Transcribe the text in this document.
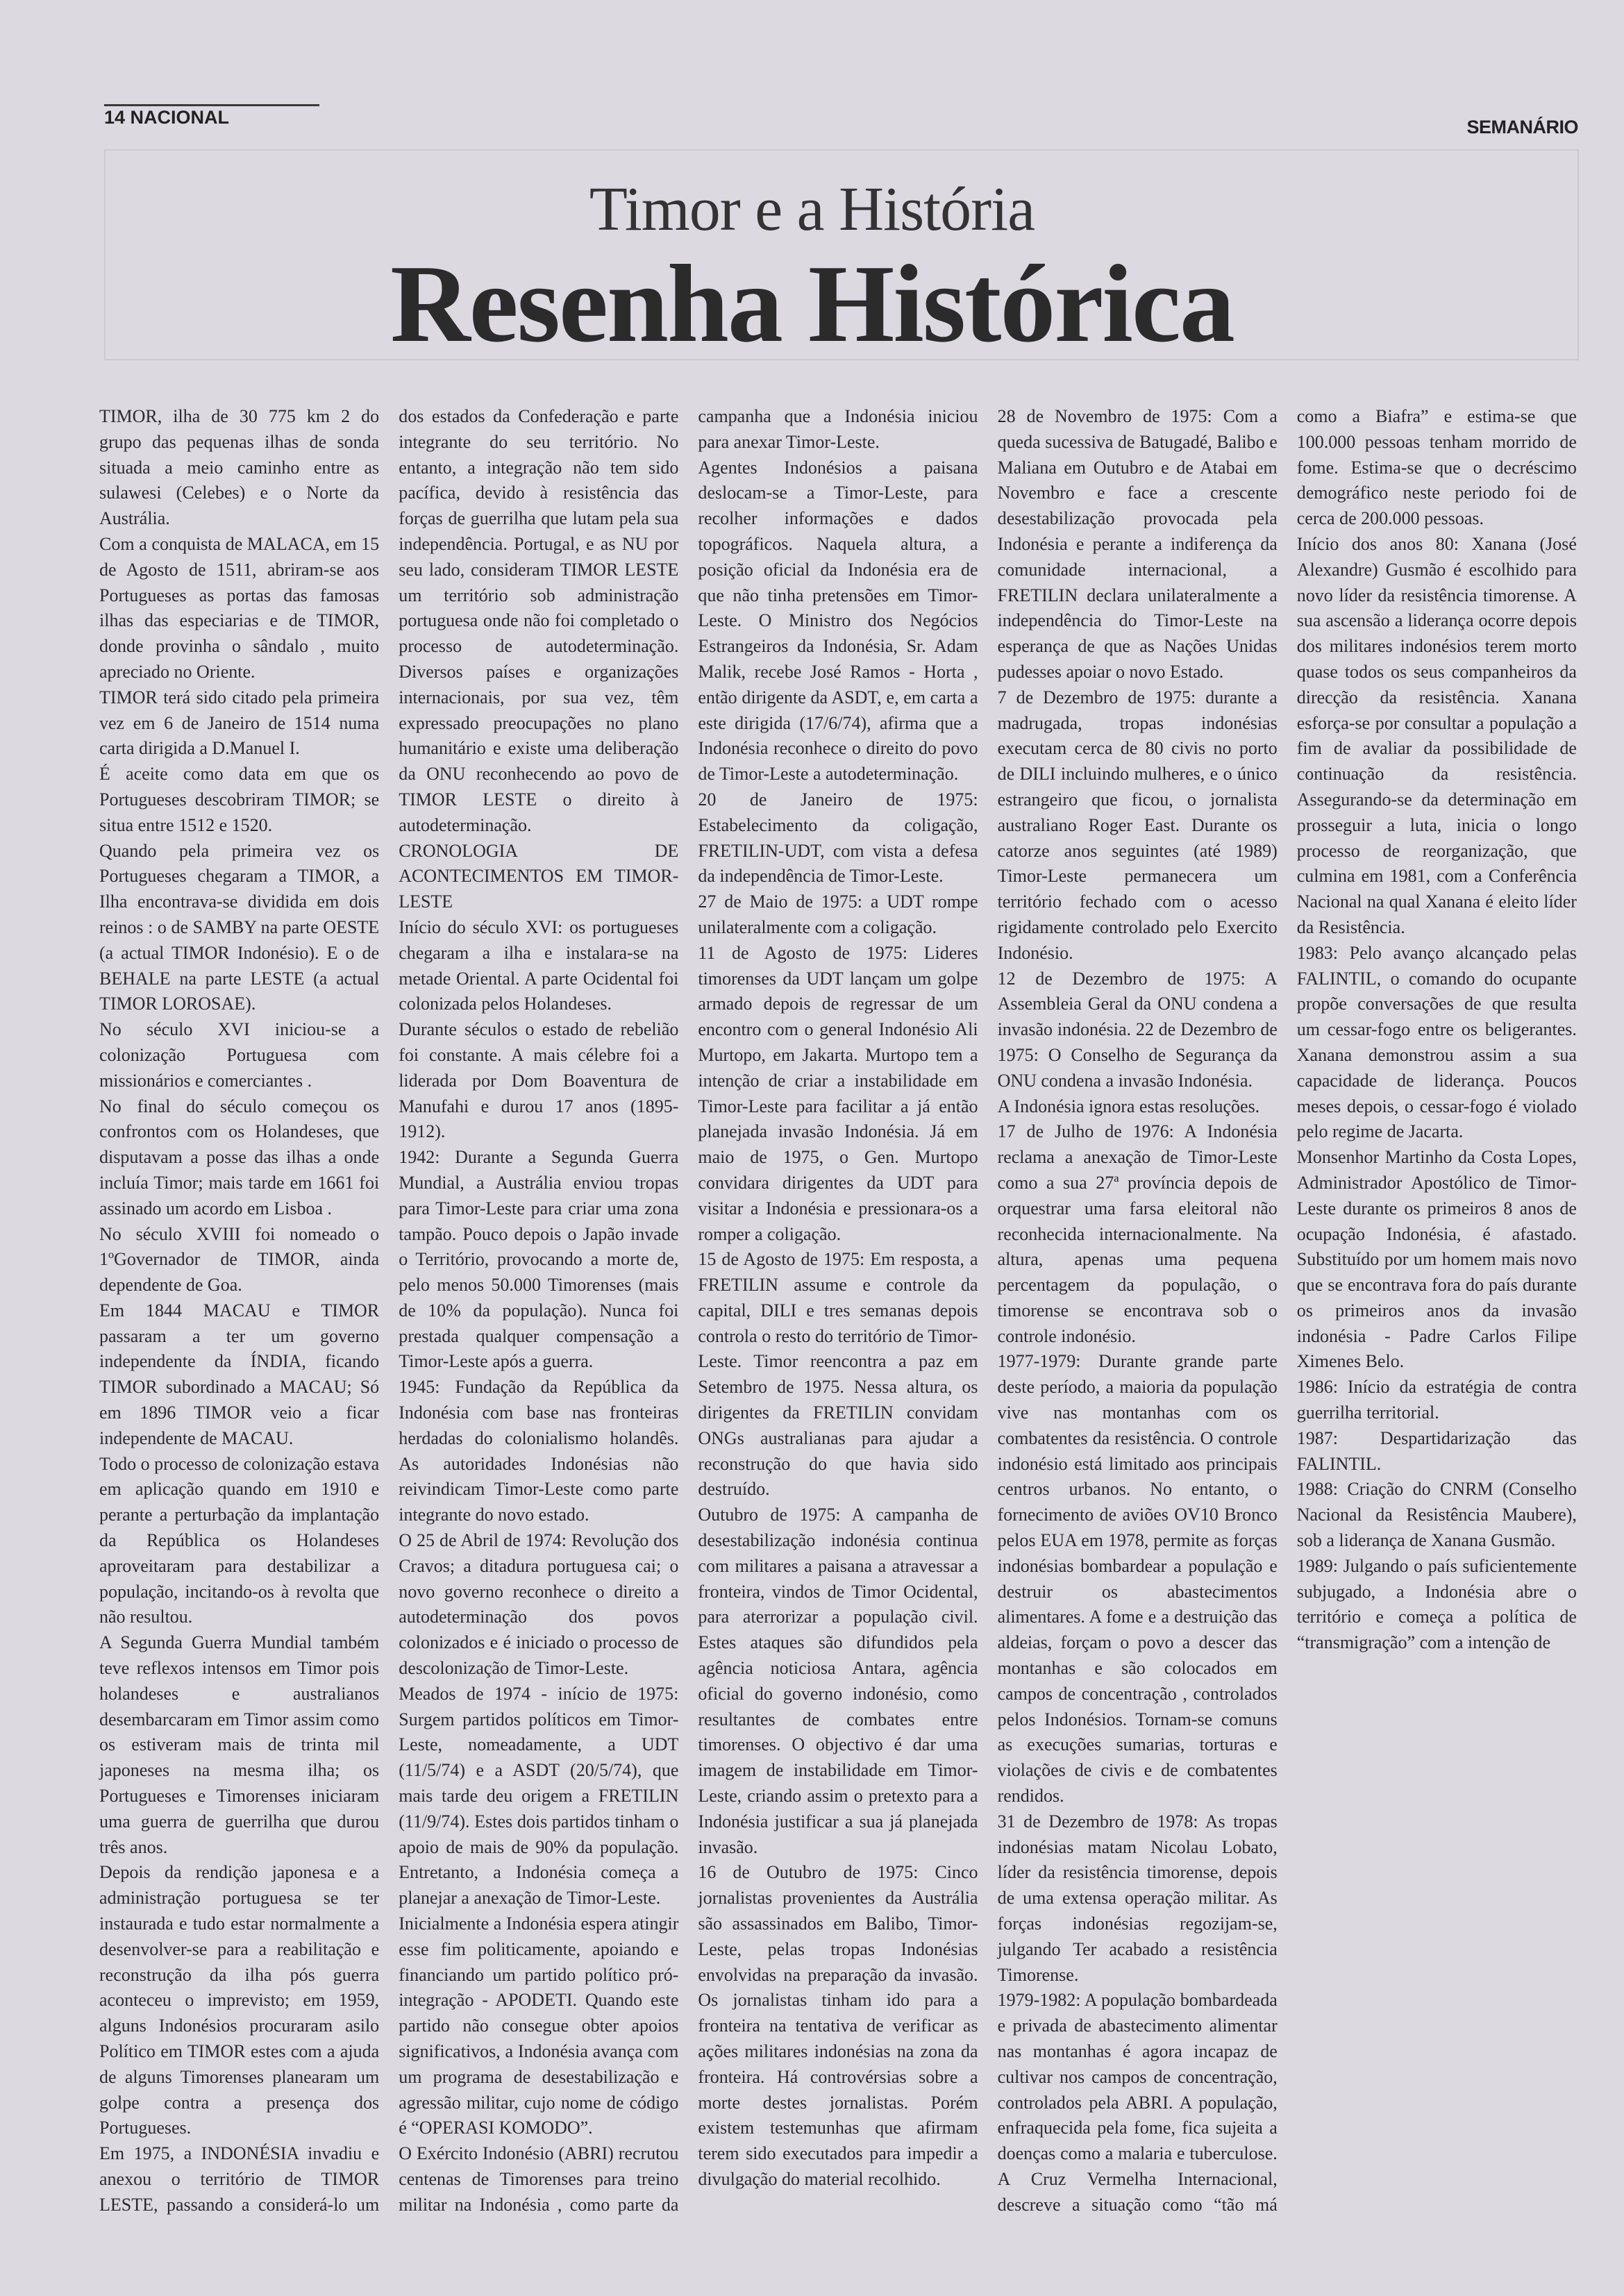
14 NACIONAL	SEMANÁRIO
Timor e a História
Resenha Histórica

TIMOR, ilha de 30 775 km 2 do grupo das pequenas ilhas de sonda situada a meio caminho entre as sulawesi (Celebes) e o Norte da Austrália.

Com a conquista de MALACA, em 15 de Agosto de 1511, abriram-se aos Portugueses as portas das famosas ilhas das especiarias e de TIMOR, donde provinha o sândalo , muito apreciado no Oriente.

TIMOR terá sido citado pela primeira vez em 6 de Janeiro de 1514 numa carta dirigida a D.Manuel I.

É aceite como data em que os Portugueses descobriram TIMOR; se situa entre 1512 e 1520.

Quando pela primeira vez os Portugueses chegaram a TIMOR, a Ilha encontrava-se dividida em dois reinos : o de SAMBY na parte OESTE (a actual TIMOR Indonésio). E o de BEHALE na parte LESTE (a actual TIMOR LOROSAE).

No século XVI iniciou-se a colonização Portuguesa com missionários e comerciantes .

No final do século começou os confrontos com os Holandeses, que disputavam a posse das ilhas a onde incluía Timor; mais tarde em 1661 foi assinado um acordo em Lisboa .

No século XVIII foi nomeado o 1ºGovernador de TIMOR, ainda dependente de Goa.

Em 1844 MACAU e TIMOR passaram a ter um governo independente da ÍNDIA, ficando TIMOR subordinado a MACAU; Só em 1896 TIMOR veio a ficar independente de MACAU.

Todo o processo de colonização estava em aplicação quando em 1910 e perante a perturbação da implantação da República os Holandeses aproveitaram para destabilizar a população, incitando-os à revolta que não resultou.

A Segunda Guerra Mundial também teve reflexos intensos em Timor pois holandeses e australianos desembarcaram em Timor assim como os estiveram mais de trinta mil japoneses na mesma ilha; os Portugueses e Timorenses iniciaram uma guerra de guerrilha que durou três anos.

Depois da rendição japonesa e a administração portuguesa se ter instaurada e tudo estar normalmente a desenvolver-se para a reabilitação e reconstrução da ilha pós guerra aconteceu o imprevisto; em 1959, alguns Indonésios procuraram asilo Político em TIMOR estes com a ajuda de alguns Timorenses planearam um golpe contra a presença dos Portugueses.

Em 1975, a INDONÉSIA invadiu e anexou o território de TIMOR LESTE, passando a considerá-lo um dos estados da Confederação e parte integrante do seu território. No entanto, a integração não tem sido pacífica, devido à resistência das forças de guerrilha que lutam pela sua independência. Portugal, e as NU por seu lado, consideram TIMOR LESTE um território sob administração portuguesa onde não foi completado o processo de autodeterminação. Diversos países e organizações internacionais, por sua vez, têm expressado preocupações no plano humanitário e existe uma deliberação da ONU reconhecendo ao povo de TIMOR LESTE o direito à autodeterminação.

CRONOLOGIA DE ACONTECIMENTOS EM TIMOR-LESTE

Início do século XVI: os portugueses chegaram a ilha e instalara-se na metade Oriental. A parte Ocidental foi colonizada pelos Holandeses.

Durante séculos o estado de rebelião foi constante. A mais célebre foi a liderada por Dom Boaventura de Manufahi e durou 17 anos (1895-1912).

1942: Durante a Segunda Guerra Mundial, a Austrália enviou tropas para Timor-Leste para criar uma zona tampão. Pouco depois o Japão invade o Território, provocando a morte de, pelo menos 50.000 Timorenses (mais de 10% da população). Nunca foi prestada qualquer compensação a Timor-Leste após a guerra.

1945: Fundação da República da Indonésia com base nas fronteiras herdadas do colonialismo holandês. As autoridades Indonésias não reivindicam Timor-Leste como parte integrante do novo estado.

O 25 de Abril de 1974: Revolução dos Cravos; a ditadura portuguesa cai; o novo governo reconhece o direito a autodeterminação dos povos colonizados e é iniciado o processo de descolonização de Timor-Leste.

Meados de 1974 - início de 1975: Surgem partidos políticos em Timor-Leste, nomeadamente, a UDT (11/5/74) e a ASDT (20/5/74), que mais tarde deu origem a FRETILIN (11/9/74). Estes dois partidos tinham o apoio de mais de 90% da população. Entretanto, a Indonésia começa a planejar a anexação de Timor-Leste.

Inicialmente a Indonésia espera atingir esse fim politicamente, apoiando e financiando um partido político pró-integração - APODETI. Quando este partido não consegue obter apoios significativos, a Indonésia avança com um programa de desestabilização e agressão militar, cujo nome de código é “OPERASI KOMODO”.

O Exército Indonésio (ABRI) recrutou centenas de Timorenses para treino militar na Indonésia , como parte da campanha que a Indonésia iniciou para anexar Timor-Leste.

Agentes Indonésios a paisana deslocam-se a Timor-Leste, para recolher informações e dados topográficos. Naquela altura, a posição oficial da Indonésia era de que não tinha pretensões em Timor-Leste. O Ministro dos Negócios Estrangeiros da Indonésia, Sr. Adam Malik, recebe José Ramos - Horta , então dirigente da ASDT, e, em carta a este dirigida (17/6/74), afirma que a Indonésia reconhece o direito do povo de Timor-Leste a autodeterminação.

20 de Janeiro de 1975: Estabelecimento da coligação, FRETILIN-UDT, com vista a defesa da independência de Timor-Leste.

27 de Maio de 1975: a UDT rompe unilateralmente com a coligação.

11 de Agosto de 1975: Lideres timorenses da UDT lançam um golpe armado depois de regressar de um encontro com o general Indonésio Ali Murtopo, em Jakarta. Murtopo tem a intenção de criar a instabilidade em Timor-Leste para facilitar a já então planejada invasão Indonésia. Já em maio de 1975, o Gen. Murtopo convidara dirigentes da UDT para visitar a Indonésia e pressionara-os a romper a coligação.

15 de Agosto de 1975: Em resposta, a FRETILIN assume e controle da capital, DILI e tres semanas depois controla o resto do território de Timor-Leste. Timor reencontra a paz em Setembro de 1975. Nessa altura, os dirigentes da FRETILIN convidam ONGs australianas para ajudar a reconstrução do que havia sido destruído.

Outubro de 1975: A campanha de desestabilização indonésia continua com militares a paisana a atravessar a fronteira, vindos de Timor Ocidental, para aterrorizar a população civil. Estes ataques são difundidos pela agência noticiosa Antara, agência oficial do governo indonésio, como resultantes de combates entre timorenses. O objectivo é dar uma imagem de instabilidade em Timor-Leste, criando assim o pretexto para a Indonésia justificar a sua já planejada invasão.

16 de Outubro de 1975: Cinco jornalistas provenientes da Austrália são assassinados em Balibo, Timor-Leste, pelas tropas Indonésias envolvidas na preparação da invasão. Os jornalistas tinham ido para a fronteira na tentativa de verificar as ações militares indonésias na zona da fronteira. Há controvérsias sobre a morte destes jornalistas. Porém existem testemunhas que afirmam terem sido executados para impedir a divulgação do material recolhido.

28 de Novembro de 1975: Com a queda sucessiva de Batugadé, Balibo e Maliana em Outubro e de Atabai em Novembro e face a crescente desestabilização provocada pela Indonésia e perante a indiferença da comunidade internacional, a FRETILIN declara unilateralmente a independência do Timor-Leste na esperança de que as Nações Unidas pudesses apoiar o novo Estado.

7 de Dezembro de 1975: durante a madrugada, tropas indonésias executam cerca de 80 civis no porto de DILI incluindo mulheres, e o único estrangeiro que ficou, o jornalista australiano Roger East. Durante os catorze anos seguintes (até 1989) Timor-Leste permanecera um território fechado com o acesso rigidamente controlado pelo Exercito Indonésio.

12 de Dezembro de 1975: A Assembleia Geral da ONU condena a invasão indonésia. 22 de Dezembro de 1975: O Conselho de Segurança da ONU condena a invasão Indonésia.

A Indonésia ignora estas resoluções.

17 de Julho de 1976: A Indonésia reclama a anexação de Timor-Leste como a sua 27ª província depois de orquestrar uma farsa eleitoral não reconhecida internacionalmente. Na altura, apenas uma pequena percentagem da população, o timorense se encontrava sob o controle indonésio.

1977-1979: Durante grande parte deste período, a maioria da população vive nas montanhas com os combatentes da resistência. O controle indonésio está limitado aos principais centros urbanos. No entanto, o fornecimento de aviões OV10 Bronco pelos EUA em 1978, permite as forças indonésias bombardear a população e destruir os abastecimentos alimentares. A fome e a destruição das aldeias, forçam o povo a descer das montanhas e são colocados em campos de concentração , controlados pelos Indonésios. Tornam-se comuns as execuções sumarias, torturas e violações de civis e de combatentes rendidos.

31 de Dezembro de 1978: As tropas indonésias matam Nicolau Lobato, líder da resistência timorense, depois de uma extensa operação militar. As forças indonésias regozijam-se, julgando Ter acabado a resistência Timorense.

1979-1982: A população bombardeada e privada de abastecimento alimentar nas montanhas é agora incapaz de cultivar nos campos de concentração, controlados pela ABRI. A população, enfraquecida pela fome, fica sujeita a doenças como a malaria e tuberculose. A Cruz Vermelha Internacional, descreve a situação como “tão má como a Biafra” e estima-se que 100.000 pessoas tenham morrido de fome. Estima-se que o decréscimo demográfico neste periodo foi de cerca de 200.000 pessoas.

Início dos anos 80: Xanana (José Alexandre) Gusmão é escolhido para novo líder da resistência timorense. A sua ascensão a liderança ocorre depois dos militares indonésios terem morto quase todos os seus companheiros da direcção da resistência. Xanana esforça-se por consultar a população a fim de avaliar da possibilidade de continuação da resistência. Assegurando-se da determinação em prosseguir a luta, inicia o longo processo de reorganização, que culmina em 1981, com a Conferência Nacional na qual Xanana é eleito líder da Resistência.

1983: Pelo avanço alcançado pelas FALINTIL, o comando do ocupante propõe conversações de que resulta um cessar-fogo entre os beligerantes. Xanana demonstrou assim a sua capacidade de liderança. Poucos meses depois, o cessar-fogo é violado pelo regime de Jacarta.

Monsenhor Martinho da Costa Lopes, Administrador Apostólico de Timor-Leste durante os primeiros 8 anos de ocupação Indonésia, é afastado. Substituído por um homem mais novo que se encontrava fora do país durante os primeiros anos da invasão indonésia - Padre Carlos Filipe Ximenes Belo.

1986: Início da estratégia de contra guerrilha territorial.

1987: Despartidarização das FALINTIL.

1988: Criação do CNRM (Conselho Nacional da Resistência Maubere), sob a liderança de Xanana Gusmão.

1989: Julgando o país suficientemente subjugado, a Indonésia abre o território e começa a política de “transmigração” com a intenção de
